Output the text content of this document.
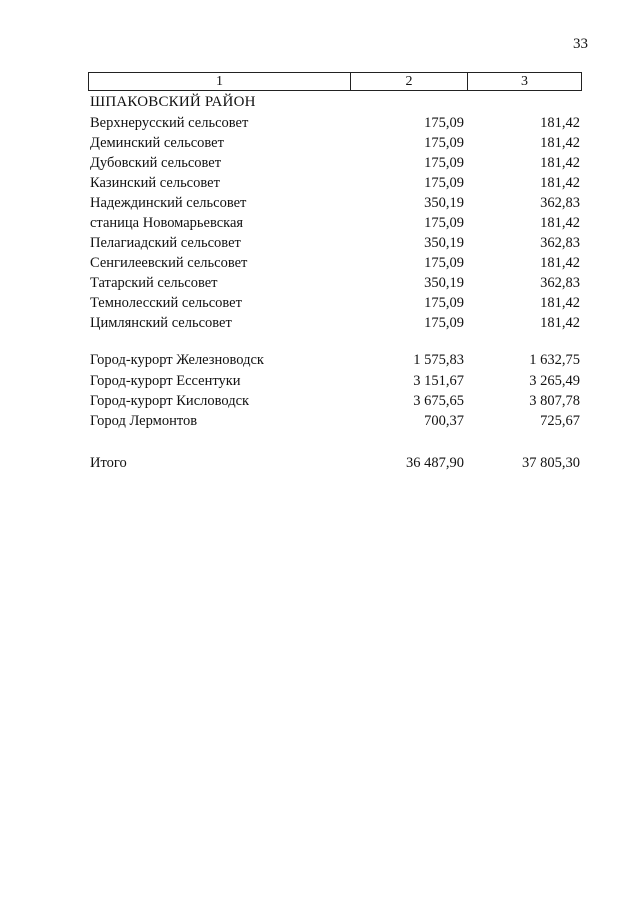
33
1	2	3
ШПАКОВСКИЙ РАЙОН
Верхнерусский сельсовет	175,09	181,42
Деминский сельсовет	175,09	181,42
Дубовский сельсовет	175,09	181,42
Казинский сельсовет	175,09	181,42
Надеждинский сельсовет	350,19	362,83
станица Новомарьевская	175,09	181,42
Пелагиадский сельсовет	350,19	362,83
Сенгилеевский сельсовет	175,09	181,42
Татарский сельсовет	350,19	362,83
Темнолесский сельсовет	175,09	181,42
Цимлянский сельсовет	175,09	181,42
Город-курорт Железноводск	1 575,83	1 632,75
Город-курорт Ессентуки	3 151,67	3 265,49
Город-курорт Кисловодск	3 675,65	3 807,78
Город Лермонтов	700,37	725,67
Итого	36 487,90	37 805,30
